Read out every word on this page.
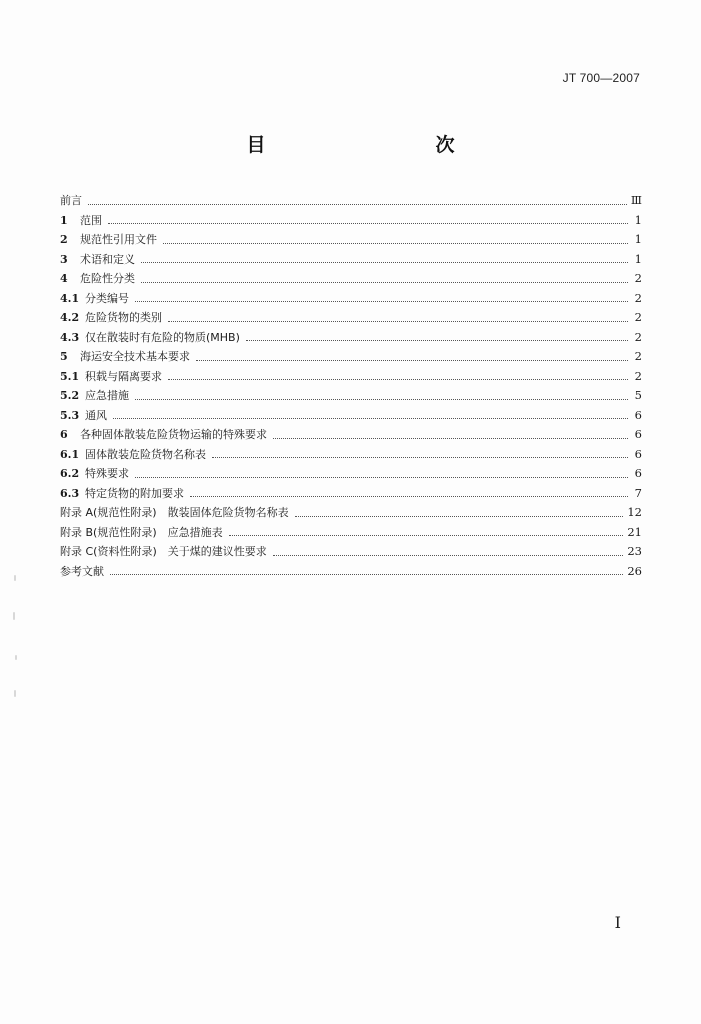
JT 700—2007
目　　次
前言	Ⅲ
1	范围	1
2	规范性引用文件	1
3	术语和定义	1
4	危险性分类	2
4.1 分类编号	2
4.2 危险货物的类别	2
4.3 仅在散装时有危险的物质(MHB)	2
5	海运安全技术基本要求	2
5.1 积载与隔离要求	2
5.2 应急措施	5
5.3 通风	6
6	各种固体散装危险货物运输的特殊要求	6
6.1 固体散装危险货物名称表	6
6.2 特殊要求	6
6.3 特定货物的附加要求	7
附录 A(规范性附录)　散装固体危险货物名称表	12
附录 B(规范性附录)　应急措施表	21
附录 C(资料性附录)　关于煤的建议性要求	23
参考文献	26
I
